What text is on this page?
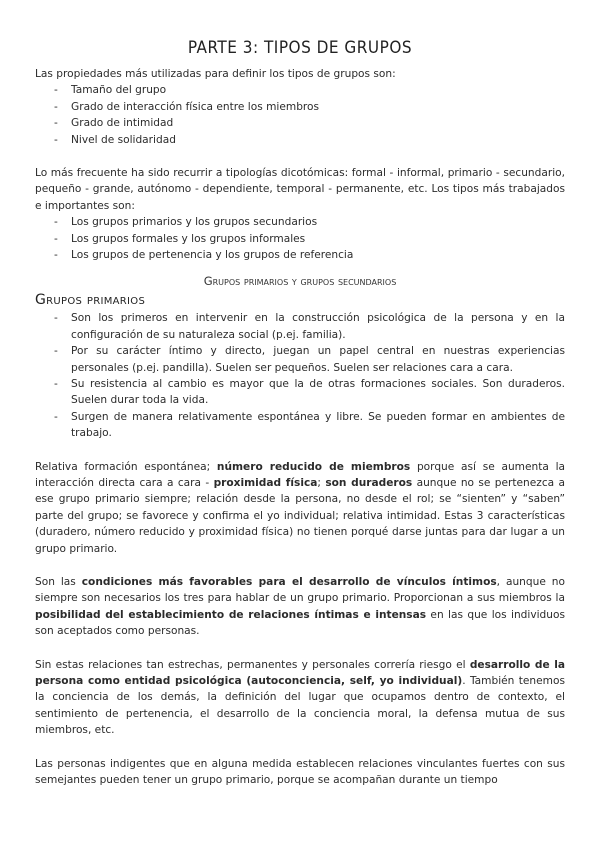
PARTE 3: TIPOS DE GRUPOS

Las propiedades más utilizadas para definir los tipos de grupos son:

- Tamaño del grupo
- Grado de interacción física entre los miembros
- Grado de intimidad
- Nivel de solidaridad

Lo más frecuente ha sido recurrir a tipologías dicotómicas: formal - informal, primario - secundario, pequeño - grande, autónomo - dependiente, temporal - permanente, etc. Los tipos más trabajados e importantes son:

- Los grupos primarios y los grupos secundarios
- Los grupos formales y los grupos informales
- Los grupos de pertenencia y los grupos de referencia
Grupos primarios y grupos secundarios
Grupos primarios
- Son los primeros en intervenir en la construcción psicológica de la persona y en la configuración de su naturaleza social (p.ej. familia).
- Por su carácter íntimo y directo, juegan un papel central en nuestras experiencias personales (p.ej. pandilla). Suelen ser pequeños. Suelen ser relaciones cara a cara.
- Su resistencia al cambio es mayor que la de otras formaciones sociales. Son duraderos. Suelen durar toda la vida.
- Surgen de manera relativamente espontánea y libre. Se pueden formar en ambientes de trabajo.

Relativa formación espontánea; número reducido de miembros porque así se aumenta la interacción directa cara a cara - proximidad física; son duraderos aunque no se pertenezca a ese grupo primario siempre; relación desde la persona, no desde el rol; se “sienten” y “saben” parte del grupo; se favorece y confirma el yo individual; relativa intimidad. Estas 3 características (duradero, número reducido y proximidad física) no tienen porqué darse juntas para dar lugar a un grupo primario.

Son las condiciones más favorables para el desarrollo de vínculos íntimos, aunque no siempre son necesarios los tres para hablar de un grupo primario. Proporcionan a sus miembros la posibilidad del establecimiento de relaciones íntimas e intensas en las que los individuos son aceptados como personas.

Sin estas relaciones tan estrechas, permanentes y personales correría riesgo el desarrollo de la persona como entidad psicológica (autoconciencia, self, yo individual). También tenemos la conciencia de los demás, la definición del lugar que ocupamos dentro de contexto, el sentimiento de pertenencia, el desarrollo de la conciencia moral, la defensa mutua de sus miembros, etc.

Las personas indigentes que en alguna medida establecen relaciones vinculantes fuertes con sus semejantes pueden tener un grupo primario, porque se acompañan durante un tiempo
